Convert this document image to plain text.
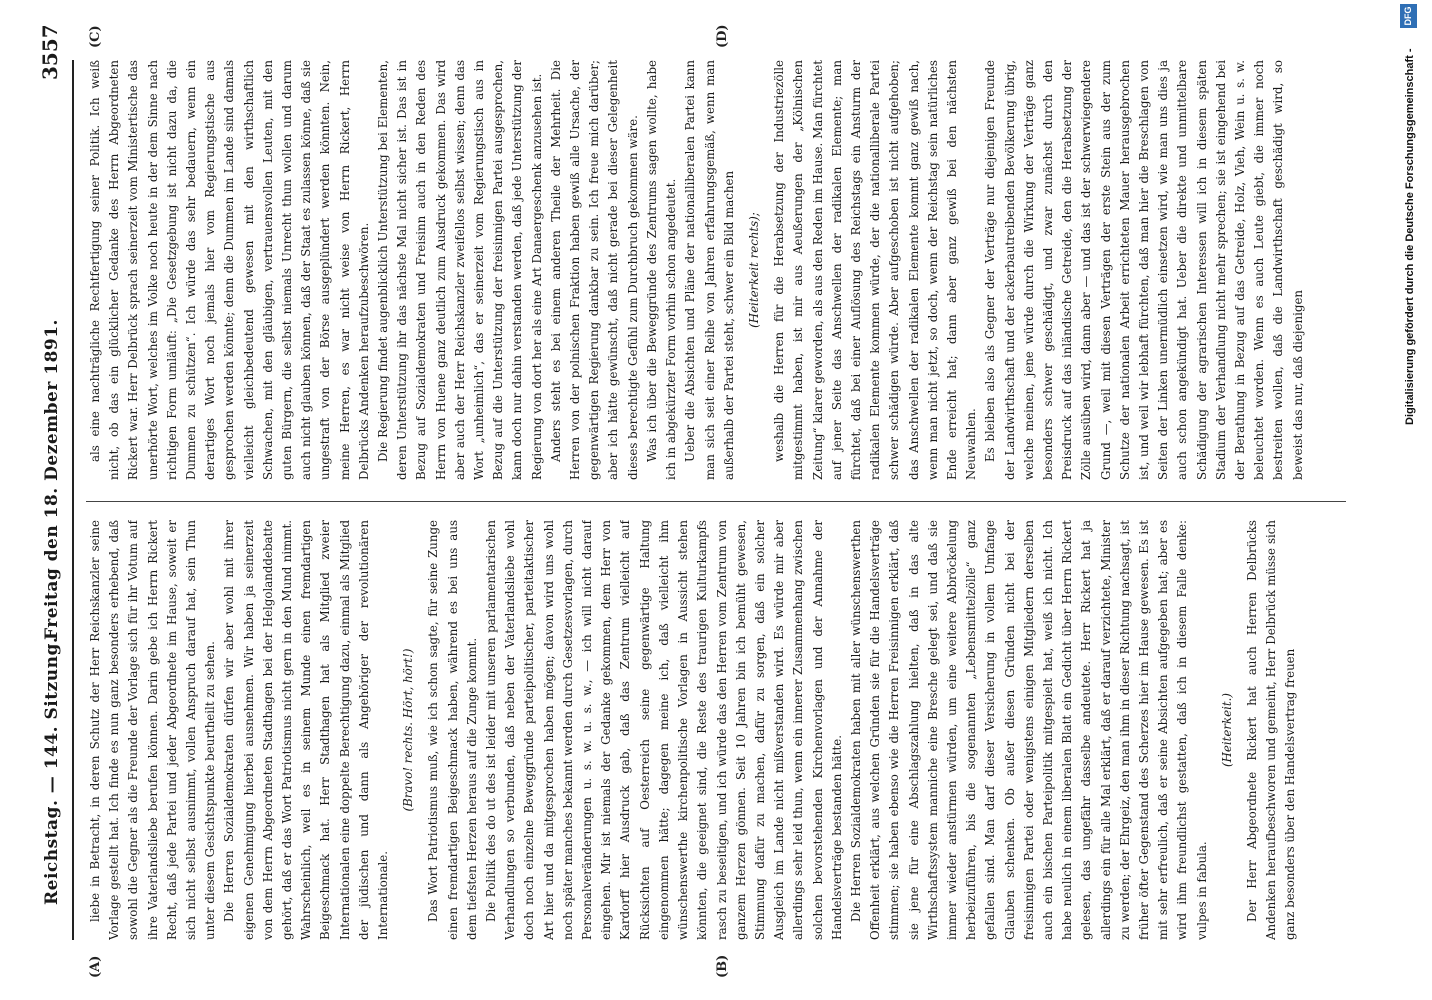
Reichstag. — 144. Sitzung.
Freitag den 18. Dezember 1891.
3557
(A)	(B)
(C)	(D)

liebe in Betracht, in deren Schutz der Herr Reichskanzler seine Vorlage gestellt hat. Ich finde es nun ganz besonders erhebend, daß sowohl die Gegner als die Freunde der Vorlage sich für ihr Votum auf ihre Vaterlandsliebe berufen können. Darin gebe ich Herrn Rickert Recht, daß jede Partei und jeder Abgeordnete im Hause, soweit er sich nicht selbst ausnimmt, vollen Anspruch darauf hat, sein Thun unter diesem Gesichtspunkte beurtheilt zu sehen. Die Herren Sozialdemokraten dürfen wir aber wohl mit ihrer eigenen Genehmigung hierbei ausnehmen. Wir haben ja seinerzeit von dem Herrn Abgeordneten Stadthagen bei der Helgolanddebatte gehört, daß er das Wort Patriotismus nicht gern in den Mund nimmt. Wahrscheinlich, weil es in seinem Munde einen fremdartigen Beigeschmack hat. Herr Stadthagen hat als Mitglied zweier Internationalen eine doppelte Berechtigung dazu, einmal als Mitglied der jüdischen und dann als Angehöriger der revolutionären Internationale.

(Bravo! rechts. Hört, hört!) Das Wort Patriotismus muß, wie ich schon sagte, für seine Zunge einen fremdartigen Beigeschmack haben, während es bei uns aus dem tiefsten Herzen heraus auf die Zunge kommt. Die Politik des do ut des ist leider mit unseren parlamentarischen Verhandlungen so verbunden, daß neben der Vaterlandsliebe wohl doch noch einzelne Beweggründe parteipolitischer, parteitaktischer Art hier und da mitgesprochen haben mögen; davon wird uns wohl noch später manches bekannt werden durch Gesetzesvorlagen, durch Personalveränderungen u. s. w. u. s. w., — ich will nicht darauf eingehen. Mir ist niemals der Gedanke gekommen, dem Herr von Kardorff hier Ausdruck gab, daß das Zentrum vielleicht auf Rücksichten auf Oesterreich seine gegenwärtige Haltung eingenommen hätte; dagegen meine ich, daß vielleicht ihm wünschenswerthe kirchenpolitische Vorlagen in Aussicht stehen könnten, die geeignet sind, die Reste des traurigen Kulturkampfs rasch zu beseitigen, und ich würde das den Herren vom Zentrum von ganzem Herzen gönnen. Seit 10 Jahren bin ich bemüht gewesen, Stimmung dafür zu machen, dafür zu sorgen, daß ein solcher Ausgleich im Lande nicht mißverstanden wird. Es würde mir aber allerdings sehr leid thun, wenn ein innerer Zusammenhang zwischen solchen bevorstehenden Kirchenvorlagen und der Annahme der Handelsverträge bestanden hätte. Die Herren Sozialdemokraten haben mit aller wünschenswerthen Offenheit erklärt, aus welchen Gründen sie für die Handelsverträge stimmen; sie haben ebenso wie die Herren Freisinnigen erklärt, daß sie jene für eine Abschlagszahlung hielten, daß in das alte Wirthschaftssystem manniche eine Bresche gelegt sei, und daß sie immer wieder anstürmen würden, um eine weitere Abbröckelung herbeizuführen, bis die sogenannten „Lebensmittelzölle“ ganz gefallen sind. Man darf dieser Versicherung in vollem Umfange Glauben schenken. Ob außer diesen Gründen nicht bei der freisinnigen Partei oder wenigstens einigen Mitgliedern derselben auch ein bischen Parteipolitik mitgespielt hat, weiß ich nicht. Ich habe neulich in einem liberalen Blatt ein Gedicht über Herrn Rickert gelesen, das ungefähr dasselbe andeutete. Herr Rickert hat ja allerdings ein für alle Mal erklärt, daß er darauf verzichtete, Minister zu werden; der Ehrgeiz, den man ihm in dieser Richtung nachsagt, ist früher öfter Gegenstand des Scherzes hier im Hause gewesen. Es ist mit sehr erfreulich, daß er seine Absichten aufgegeben hat; aber es wird ihm freundlichst gestatten, daß ich in diesem Falle denke: vulpes in fabula.

(Heiterkeit.) Der Herr Abgeordnete Rickert hat auch Herren Delbrücks Andenken heraufbeschworen und gemeint, Herr Delbrück müsse sich ganz besonders über den Handelsvertrag freuen

als eine nachträgliche Rechtfertigung seiner Politik. Ich weiß nicht, ob das ein glücklicher Gedanke des Herrn Abgeordneten Rickert war. Herr Delbrück sprach seinerzeit vom Ministertische das unerhörte Wort, welches im Volke noch heute in der dem Sinne nach richtigen Form umläuft: „Die Gesetzgebung ist nicht dazu da, die Dummen zu schützen“. Ich würde das sehr bedauern, wenn ein derartiges Wort noch jemals hier vom Regierungstische aus gesprochen werden könnte; denn die Dummen im Lande sind damals vielleicht gleichbedeutend gewesen mit den wirthschaftlich Schwachen, mit den gläubigen, vertrauensvollen Leuten, mit den guten Bürgern, die selbst niemals Unrecht thun wollen und darum auch nicht glauben können, daß der Staat es zulassen könne, daß sie ungestraft von der Börse ausgeplündert werden könnten. Nein, meine Herren, es war nicht weise von Herrn Rickert, Herrn Delbrücks Andenken heraufzubeschwören. Die Regierung findet augenblicklich Unterstützung bei Elementen, deren Unterstützung ihr das nächste Mal nicht sicher ist. Das ist in Bezug auf Sozialdemokraten und Freisinn auch in den Reden des Herrn von Huene ganz deutlich zum Ausdruck gekommen. Das wird aber auch der Herr Reichskanzler zweifellos selbst wissen; denn das Wort „unheimlich“, das er seinerzeit vom Regierungstisch aus in Bezug auf die Unterstützung der freisinnigen Partei ausgesprochen, kann doch nur dahin verstanden werden, daß jede Unterstützung der Regierung von dort her als eine Art Danaergeschenk anzusehen ist. Anders steht es bei einem anderen Theile der Mehrheit. Die Herren von der polnischen Fraktion haben gewiß alle Ursache, der gegenwärtigen Regierung dankbar zu sein. Ich freue mich darüber; aber ich hätte gewünscht, daß nicht gerade bei dieser Gelegenheit dieses berechtigte Gefühl zum Durchbruch gekommen wäre. Was ich über die Beweggründe des Zentrums sagen wollte, habe ich in abgekürzter Form vorhin schon angedeutet. Ueber die Absichten und Pläne der nationalliberalen Partei kann man sich seit einer Reihe von Jahren erfahrungsgemäß, wenn man außerhalb der Partei steht, schwer ein Bild machen (Heiterkeit rechts); weshalb die Herren für die Herabsetzung der Industriezölle mitgestimmt haben, ist mir aus Aeußerungen der „Kölnischen Zeitung“ klarer geworden, als aus den Reden im Hause. Man fürchtet auf jener Seite das Anschwellen der radikalen Elemente; man fürchtet, daß bei einer Auflösung des Reichstags ein Ansturm der radikalen Elemente kommen würde, der die nationalliberale Partei schwer schädigen würde. Aber aufgeschoben ist nicht aufgehoben; das Anschwellen der radikalen Elemente kommt ganz gewiß nach, wenn man nicht jetzt, so doch, wenn der Reichstag sein natürliches Ende erreicht hat; dann aber ganz gewiß bei den nächsten Neuwahlen. Es bleiben also als Gegner der Verträge nur diejenigen Freunde der Landwirthschaft und der ackerbautreibenden Bevölkerung übrig, welche meinen, jene würde durch die Wirkung der Verträge ganz besonders schwer geschädigt, und zwar zunächst durch den Preisdruck auf das inländische Getreide, den die Herabsetzung der Zölle ausüben wird, dann aber — und das ist der schwerwiegendere Grund —, weil mit diesen Verträgen der erste Stein aus der zum Schutze der nationalen Arbeit errichteten Mauer herausgebrochen ist, und weil wir lebhaft fürchten, daß man hier die Breschlagen von Seiten der Linken unermüdlich einsetzen wird, wie man uns dies ja auch schon angekündigt hat. Ueber die direkte und unmittelbare Schädigung der agrarischen Interessen will ich in diesem späten Stadium der Verhandlung nicht mehr sprechen; sie ist eingehend bei der Berathung in Bezug auf das Getreide, Holz, Vieh, Wein u. s. w. beleuchtet worden. Wenn es auch Leute giebt, die immer noch bestreiten wollen, daß die Landwirthschaft geschädigt wird, so beweist das nur, daß diejenigen	Digitalisierung gefördert durch die Deutsche Forschungsgemeinschaft -
DFG
